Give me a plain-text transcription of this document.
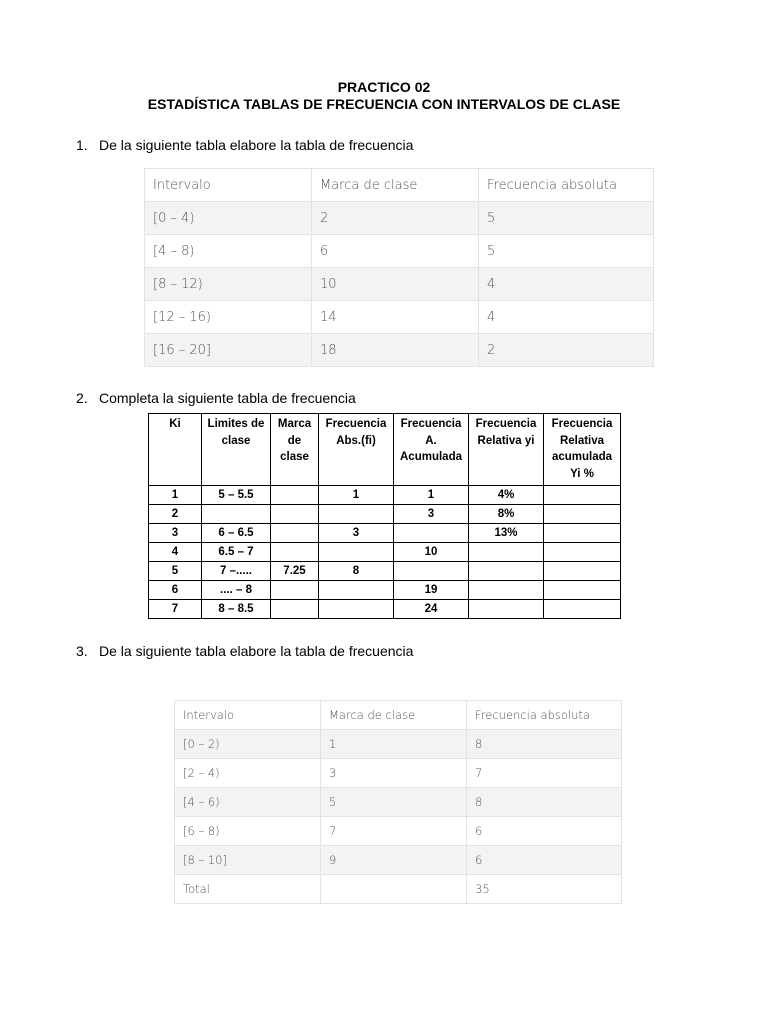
PRACTICO 02
ESTADÍSTICA TABLAS DE FRECUENCIA CON INTERVALOS DE CLASE
1. De la siguiente tabla elabore la tabla de frecuencia
Intervalo	Marca de clase	Frecuencia absoluta
[0 – 4)	2	5
[4 – 8)	6	5
[8 – 12)	10	4
[12 – 16)	14	4
[16 – 20]	18	2
2. Completa la siguiente tabla de frecuencia
Ki	Limites de clase	Marca de clase	Frecuencia Abs.(fi)	Frecuencia A. Acumulada	Frecuencia Relativa yi	Frecuencia Relativa acumulada Yi %
1	5 – 5.5		1	1	4%	
2				3	8%	
3	6 – 6.5		3		13%	
4	6.5 – 7			10		
5	7 –.....	7.25	8			
6	.... – 8			19		
7	8 – 8.5			24		
3. De la siguiente tabla elabore la tabla de frecuencia
Intervalo	Marca de clase	Frecuencia absoluta
[0 – 2)	1	8
[2 – 4)	3	7
[4 – 6)	5	8
[6 – 8)	7	6
[8 – 10]	9	6
Total		35
